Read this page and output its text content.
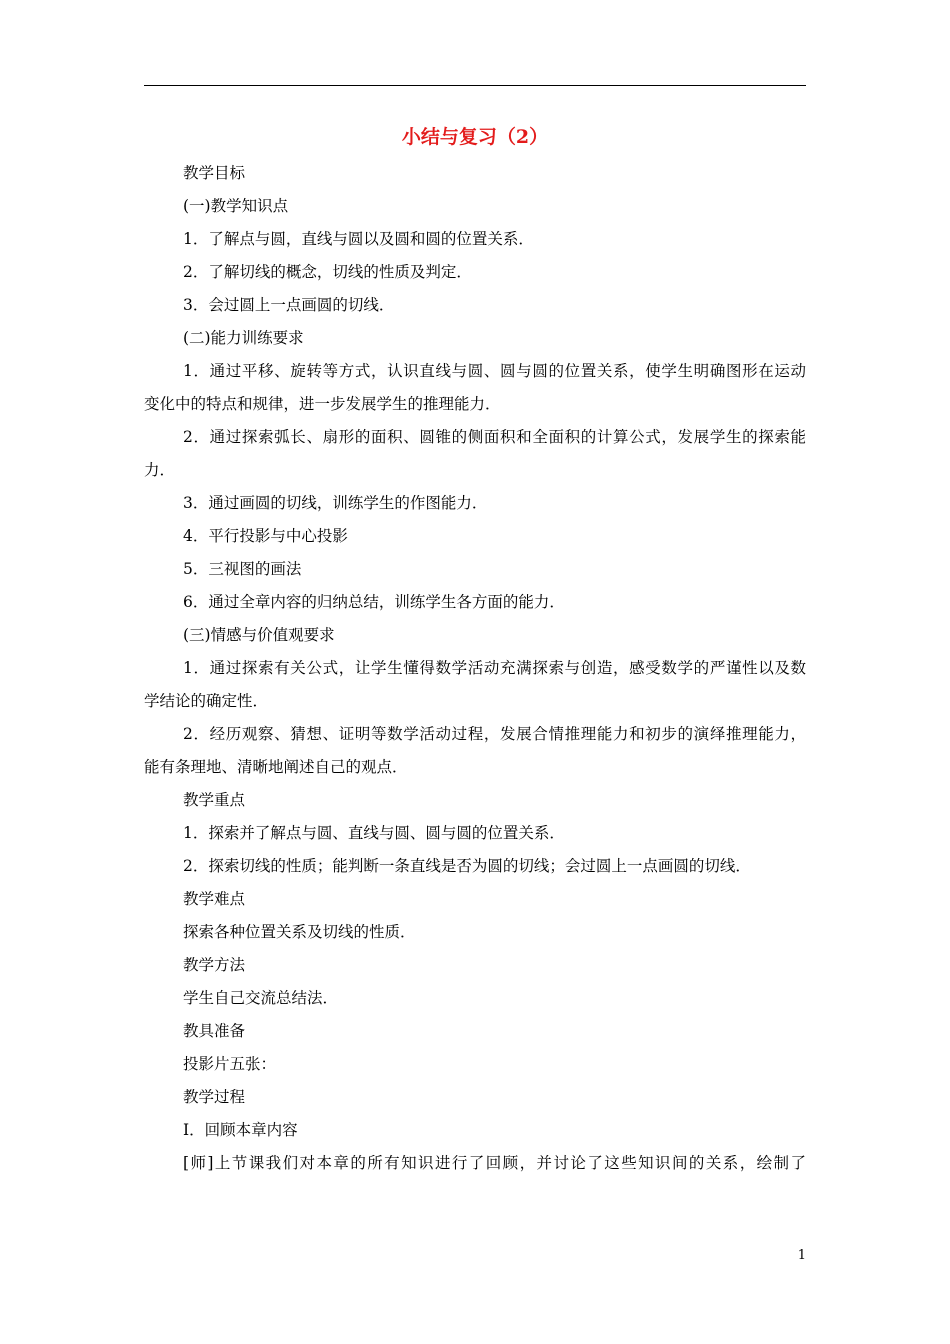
小结与复习（2）
教学目标
(一)教学知识点
1．了解点与圆，直线与圆以及圆和圆的位置关系．
2．了解切线的概念，切线的性质及判定．
3．会过圆上一点画圆的切线．
(二)能力训练要求
1．通过平移、旋转等方式，认识直线与圆、圆与圆的位置关系，使学生明确图形在运动
变化中的特点和规律，进一步发展学生的推理能力．
2．通过探索弧长、扇形的面积、圆锥的侧面积和全面积的计算公式，发展学生的探索能
力．
3．通过画圆的切线，训练学生的作图能力．
4．平行投影与中心投影
5．三视图的画法
6．通过全章内容的归纳总结，训练学生各方面的能力．
(三)情感与价值观要求
1．通过探索有关公式，让学生懂得数学活动充满探索与创造，感受数学的严谨性以及数
学结论的确定性．
2．经历观察、猜想、证明等数学活动过程，发展合情推理能力和初步的演绎推理能力，
能有条理地、清晰地阐述自己的观点．
教学重点
1．探索并了解点与圆、直线与圆、圆与圆的位置关系．
2．探索切线的性质；能判断一条直线是否为圆的切线；会过圆上一点画圆的切线．
教学难点
探索各种位置关系及切线的性质．
教学方法
学生自己交流总结法．
教具准备
投影片五张：
教学过程
Ⅰ．回顾本章内容
[师]上节课我们对本章的所有知识进行了回顾，并讨论了这些知识间的关系，绘制了
1
